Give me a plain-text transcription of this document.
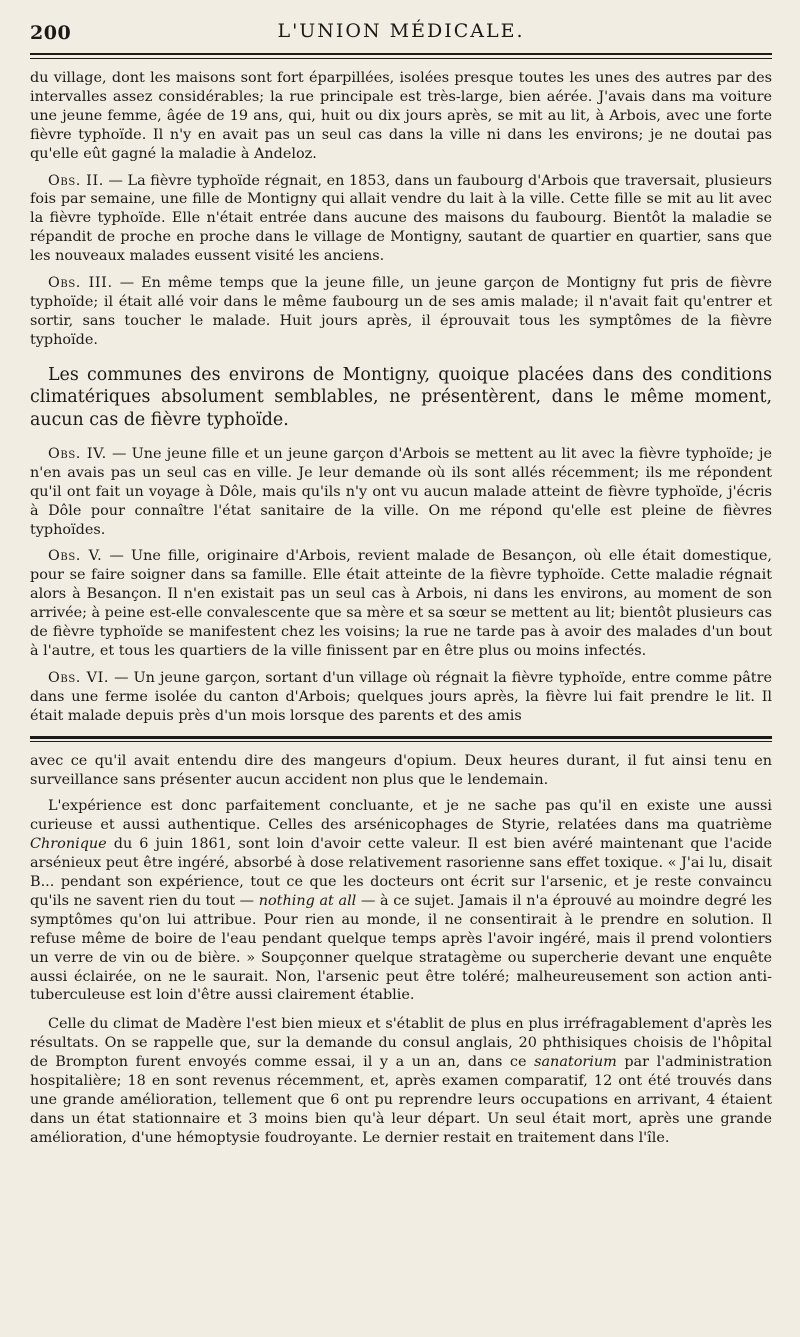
200	L'UNION MÉDICALE.

du village, dont les maisons sont fort éparpillées, isolées presque toutes les unes des autres par des intervalles assez considérables; la rue principale est très-large, bien aérée. J'avais dans ma voiture une jeune femme, âgée de 19 ans, qui, huit ou dix jours après, se mit au lit, à Arbois, avec une forte fièvre typhoïde. Il n'y en avait pas un seul cas dans la ville ni dans les environs; je ne doutai pas qu'elle eût gagné la maladie à Andeloz.

Obs. II. — La fièvre typhoïde régnait, en 1853, dans un faubourg d'Arbois que traversait, plusieurs fois par semaine, une fille de Montigny qui allait vendre du lait à la ville. Cette fille se mit au lit avec la fièvre typhoïde. Elle n'était entrée dans aucune des maisons du faubourg. Bientôt la maladie se répandit de proche en proche dans le village de Montigny, sautant de quartier en quartier, sans que les nouveaux malades eussent visité les anciens.

Obs. III. — En même temps que la jeune fille, un jeune garçon de Montigny fut pris de fièvre typhoïde; il était allé voir dans le même faubourg un de ses amis malade; il n'avait fait qu'entrer et sortir, sans toucher le malade. Huit jours après, il éprouvait tous les symptômes de la fièvre typhoïde.

Les communes des environs de Montigny, quoique placées dans des conditions climatériques absolument semblables, ne présentèrent, dans le même moment, aucun cas de fièvre typhoïde.

Obs. IV. — Une jeune fille et un jeune garçon d'Arbois se mettent au lit avec la fièvre typhoïde; je n'en avais pas un seul cas en ville. Je leur demande où ils sont allés récemment; ils me répondent qu'il ont fait un voyage à Dôle, mais qu'ils n'y ont vu aucun malade atteint de fièvre typhoïde, j'écris à Dôle pour connaître l'état sanitaire de la ville. On me répond qu'elle est pleine de fièvres typhoïdes.

Obs. V. — Une fille, originaire d'Arbois, revient malade de Besançon, où elle était domestique, pour se faire soigner dans sa famille. Elle était atteinte de la fièvre typhoïde. Cette maladie régnait alors à Besançon. Il n'en existait pas un seul cas à Arbois, ni dans les environs, au moment de son arrivée; à peine est-elle convalescente que sa mère et sa sœur se mettent au lit; bientôt plusieurs cas de fièvre typhoïde se manifestent chez les voisins; la rue ne tarde pas à avoir des malades d'un bout à l'autre, et tous les quartiers de la ville finissent par en être plus ou moins infectés.

Obs. VI. — Un jeune garçon, sortant d'un village où régnait la fièvre typhoïde, entre comme pâtre dans une ferme isolée du canton d'Arbois; quelques jours après, la fièvre lui fait prendre le lit. Il était malade depuis près d'un mois lorsque des parents et des amis

avec ce qu'il avait entendu dire des mangeurs d'opium. Deux heures durant, il fut ainsi tenu en surveillance sans présenter aucun accident non plus que le lendemain.

L'expérience est donc parfaitement concluante, et je ne sache pas qu'il en existe une aussi curieuse et aussi authentique. Celles des arsénicophages de Styrie, relatées dans ma quatrième Chronique du 6 juin 1861, sont loin d'avoir cette valeur. Il est bien avéré maintenant que l'acide arsénieux peut être ingéré, absorbé à dose relativement rasorienne sans effet toxique. « J'ai lu, disait B... pendant son expérience, tout ce que les docteurs ont écrit sur l'arsenic, et je reste convaincu qu'ils ne savent rien du tout — nothing at all — à ce sujet. Jamais il n'a éprouvé au moindre degré les symptômes qu'on lui attribue. Pour rien au monde, il ne consentirait à le prendre en solution. Il refuse même de boire de l'eau pendant quelque temps après l'avoir ingéré, mais il prend volontiers un verre de vin ou de bière. » Soupçonner quelque stratagème ou supercherie devant une enquête aussi éclairée, on ne le saurait. Non, l'arsenic peut être toléré; malheureusement son action anti-tuberculeuse est loin d'être aussi clairement établie.

Celle du climat de Madère l'est bien mieux et s'établit de plus en plus irréfragablement d'après les résultats. On se rappelle que, sur la demande du consul anglais, 20 phthisiques choisis de l'hôpital de Brompton furent envoyés comme essai, il y a un an, dans ce sanatorium par l'administration hospitalière; 18 en sont revenus récemment, et, après examen comparatif, 12 ont été trouvés dans une grande amélioration, tellement que 6 ont pu reprendre leurs occupations en arrivant, 4 étaient dans un état stationnaire et 3 moins bien qu'à leur départ. Un seul était mort, après une grande amélioration, d'une hémoptysie foudroyante. Le dernier restait en traitement dans l'île.
